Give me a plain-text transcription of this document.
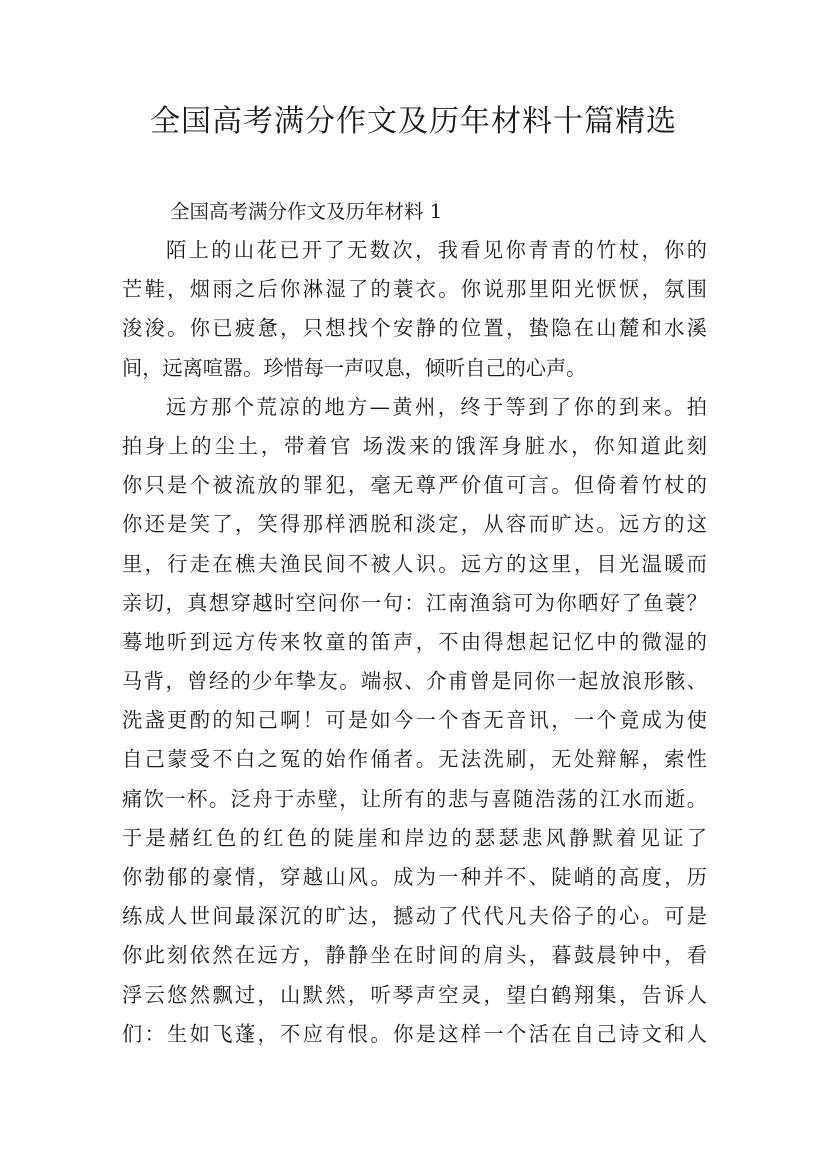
全国高考满分作文及历年材料十篇精选

全国高考满分作文及历年材料 1

陌上的山花已开了无数次，我看见你青青的竹杖，你的
芒鞋，烟雨之后你淋湿了的蓑衣。你说那里阳光恹恹，氛围
浚浚。你已疲惫，只想找个安静的位置，蛰隐在山麓和水溪
间，远离喧嚣。珍惜每一声叹息，倾听自己的心声。
远方那个荒凉的地方—黄州，终于等到了你的到来。拍
拍身上的尘土，带着官 场泼来的饿浑身脏水，你知道此刻
你只是个被流放的罪犯，毫无尊严价值可言。但倚着竹杖的
你还是笑了，笑得那样洒脱和淡定，从容而旷达。远方的这
里，行走在樵夫渔民间不被人识。远方的这里，目光温暖而
亲切，真想穿越时空问你一句：江南渔翁可为你晒好了鱼蓑？
蓦地听到远方传来牧童的笛声，不由得想起记忆中的微湿的
马背，曾经的少年挚友。端叔、介甫曾是同你一起放浪形骸、
洗盏更酌的知己啊！可是如今一个杳无音讯，一个竟成为使
自己蒙受不白之冤的始作俑者。无法洗刷，无处辩解，索性
痛饮一杯。泛舟于赤壁，让所有的悲与喜随浩荡的江水而逝。
于是赭红色的红色的陡崖和岸边的瑟瑟悲风静默着见证了
你勃郁的豪情，穿越山风。成为一种并不、陡峭的高度，历
练成人世间最深沉的旷达，撼动了代代凡夫俗子的心。可是
你此刻依然在远方，静静坐在时间的肩头，暮鼓晨钟中，看
浮云悠然飘过，山默然，听琴声空灵，望白鹤翔集，告诉人
们：生如飞蓬，不应有恨。你是这样一个活在自己诗文和人
